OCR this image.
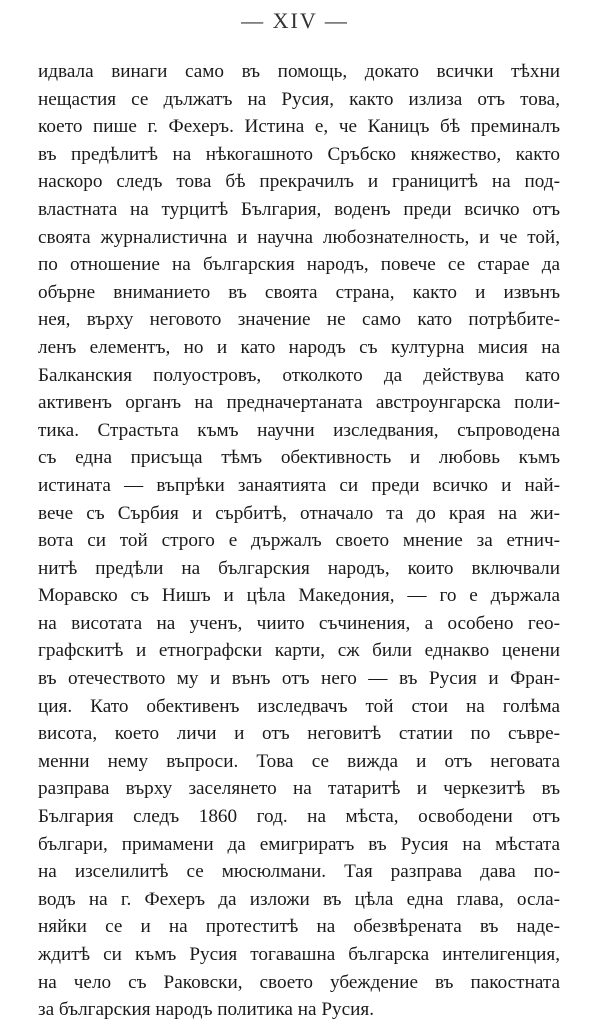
— XIV —
идвала винаги само въ помощь, докато всички тѣхни
нещастия се дължатъ на Русия, както излиза отъ това,
което пише г. Фехеръ. Истина е, че Каницъ бѣ преминалъ
въ предѣлитѣ на нѣкогашното Сръбско княжество, както
наскоро следъ това бѣ прекрачилъ и границитѣ на под-
властната на турцитѣ България, воденъ преди всичко отъ
своята журналистична и научна любознателность, и че той,
по отношение на българския народъ, повече се старае да
обърне вниманието въ своята страна, както и извънъ
нея, върху неговото значение не само като потрѣбите-
ленъ елементъ, но и като народъ съ културна мисия на
Балканския полуостровъ, отколкото да действува като
активенъ органъ на предначертаната австроунгарска поли-
тика. Страстьта къмъ научни изследвания, съпроводена
съ една присъща тѣмъ обективность и любовь къмъ
истината — въпрѣки занаятията си преди всичко и най-
вече съ Сърбия и сърбитѣ, отначало та до края на жи-
вота си той строго е държалъ своето мнение за етнич-
нитѣ предѣли на българския народъ, които включвали
Моравско съ Нишъ и цѣла Македония, — го е държала
на висотата на ученъ, чиито съчинения, а особено гео-
графскитѣ и етнографски карти, сж били еднакво ценени
въ отечеството му и вънъ отъ него — въ Русия и Фран-
ция. Като обективенъ изследвачъ той стои на голѣма
висота, което личи и отъ неговитѣ статии по съвре-
менни нему въпроси. Това се вижда и отъ неговата
разправа върху заселянето на татаритѣ и черкезитѣ въ
България следъ 1860 год. на мѣста, освободени отъ
българи, примамени да емигриратъ въ Русия на мѣстата
на изселилитѣ се мюсюлмани. Тая разправа дава по-
водъ на г. Фехеръ да изложи въ цѣла една глава, осла-
няйки се и на протеститѣ на обезвѣрената въ наде-
ждитѣ си къмъ Русия тогавашна българска интелигенция,
на чело съ Раковски, своето убеждение въ пакостната
за българския народъ политика на Русия.
